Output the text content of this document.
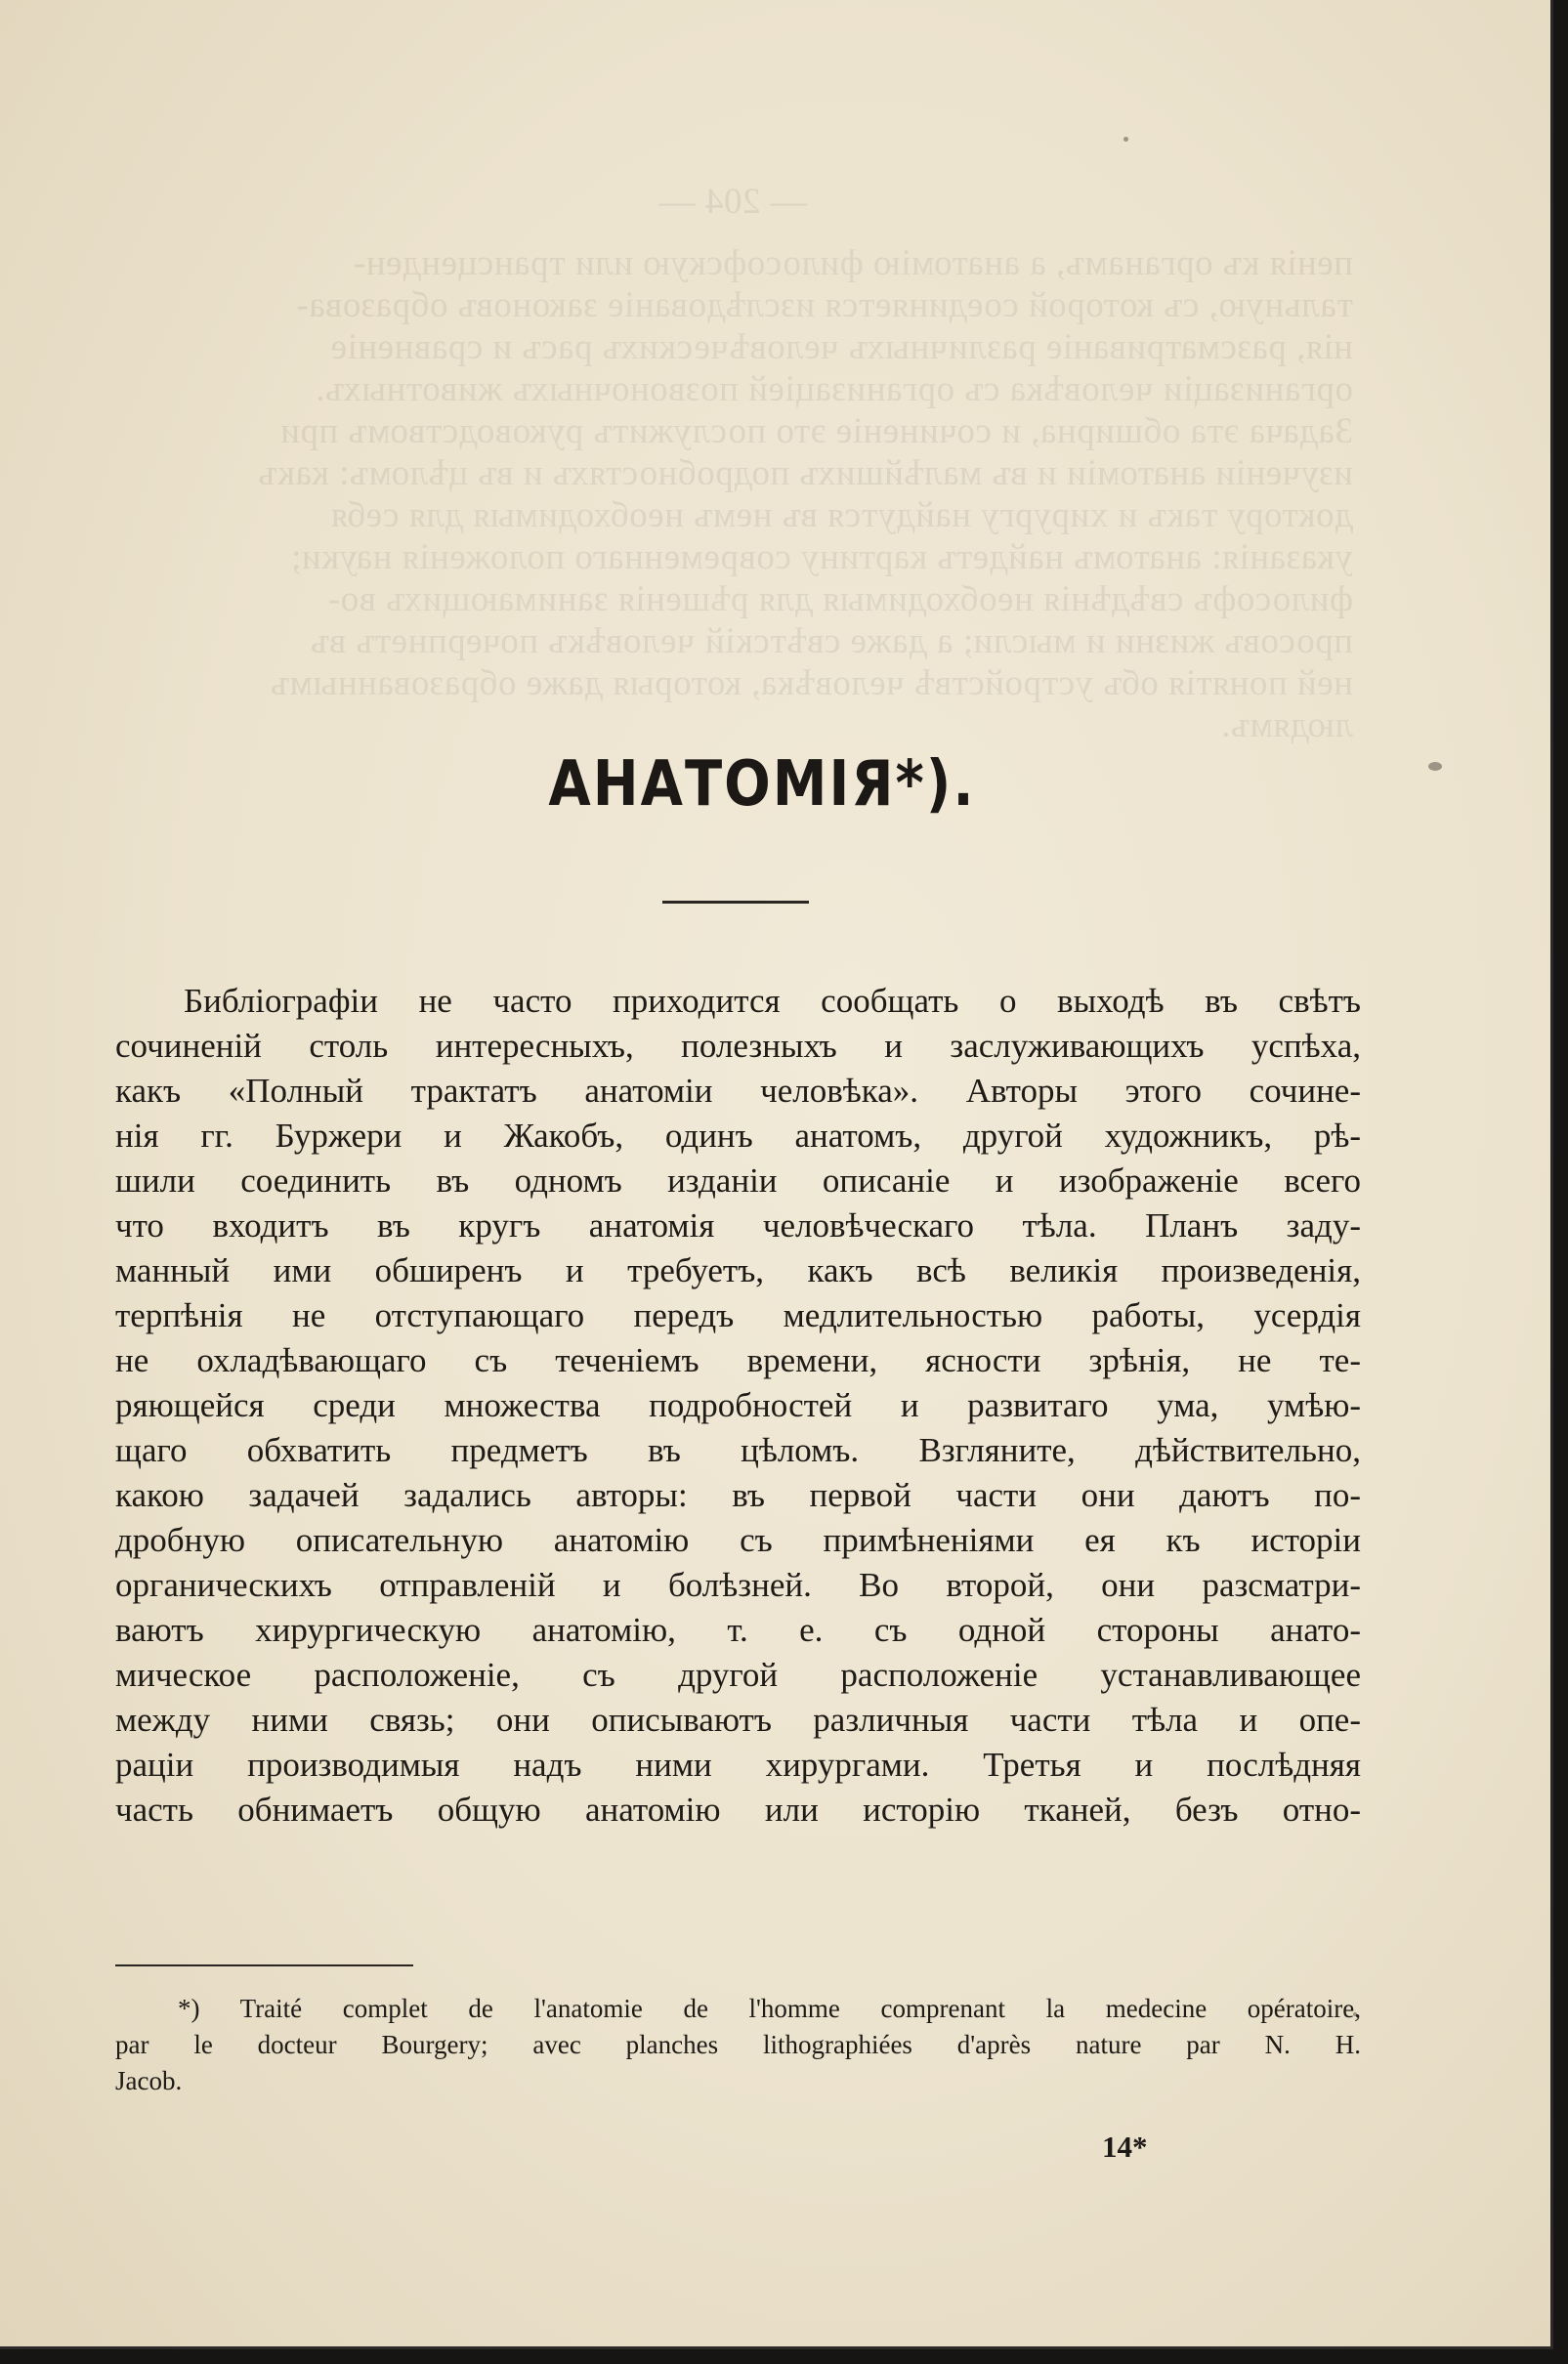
— 204 —
пенія къ органамъ, а анатомію философскую или трансценден-
тальную, съ которой соединяется изслѣдованіе законовъ образова-
нія, разсматриваніе различныхъ человѣческихъ расъ и сравненіе
организаціи человѣка съ организаціей позвоночныхъ животныхъ.
Задача эта обширна, и сочиненіе это послужитъ руководствомъ при
изученіи анатоміи и въ малѣйшихъ подробностяхъ и въ цѣломъ: какъ
доктору такъ и хирургу найдутся въ немъ необходимыя для себя
указанія: анатомъ найдетъ картину современнаго положенія науки;
философъ свѣдѣнія необходимыя для рѣшенія занимающихъ во-
просовъ жизни и мысли; а даже свѣтскій человѣкъ почерпнетъ въ
ней понятія объ устройствѣ человѣка, которыя даже образованнымъ
людямъ.
АНАТОМІЯ*).
Библіографіи не часто приходится сообщать о выходѣ въ свѣтъ
сочиненій столь интересныхъ, полезныхъ и заслуживающихъ успѣха,
какъ «Полный трактатъ анатоміи человѣка». Авторы этого сочине-
нія гг. Буржери и Жакобъ, одинъ анатомъ, другой художникъ, рѣ-
шили соединить въ одномъ изданіи описаніе и изображеніе всего
что входитъ въ кругъ анатомія человѣческаго тѣла. Планъ заду-
манный ими обширенъ и требуетъ, какъ всѣ великія произведенія,
терпѣнія не отступающаго передъ медлительностью работы, усердія
не охладѣвающаго съ теченіемъ времени, ясности зрѣнія, не те-
ряющейся среди множества подробностей и развитаго ума, умѣю-
щаго обхватить предметъ въ цѣломъ. Взгляните, дѣйствительно,
какою задачей задались авторы: въ первой части они даютъ по-
дробную описательную анатомію съ примѣненіями ея къ исторіи
органическихъ отправленій и болѣзней. Во второй, они разсматри-
ваютъ хирургическую анатомію, т. е. съ одной стороны анато-
мическое расположеніе, съ другой расположеніе устанавливающее
между ними связь; они описываютъ различныя части тѣла и опе-
раціи производимыя надъ ними хирургами. Третья и послѣдняя
часть обнимаетъ общую анатомію или исторію тканей, безъ отно-
*) Traité complet de l'anatomie de l'homme comprenant la medecine opératoire,
par le docteur Bourgery; avec planches lithographiées d'après nature par N. H.
Jacob.
14*
